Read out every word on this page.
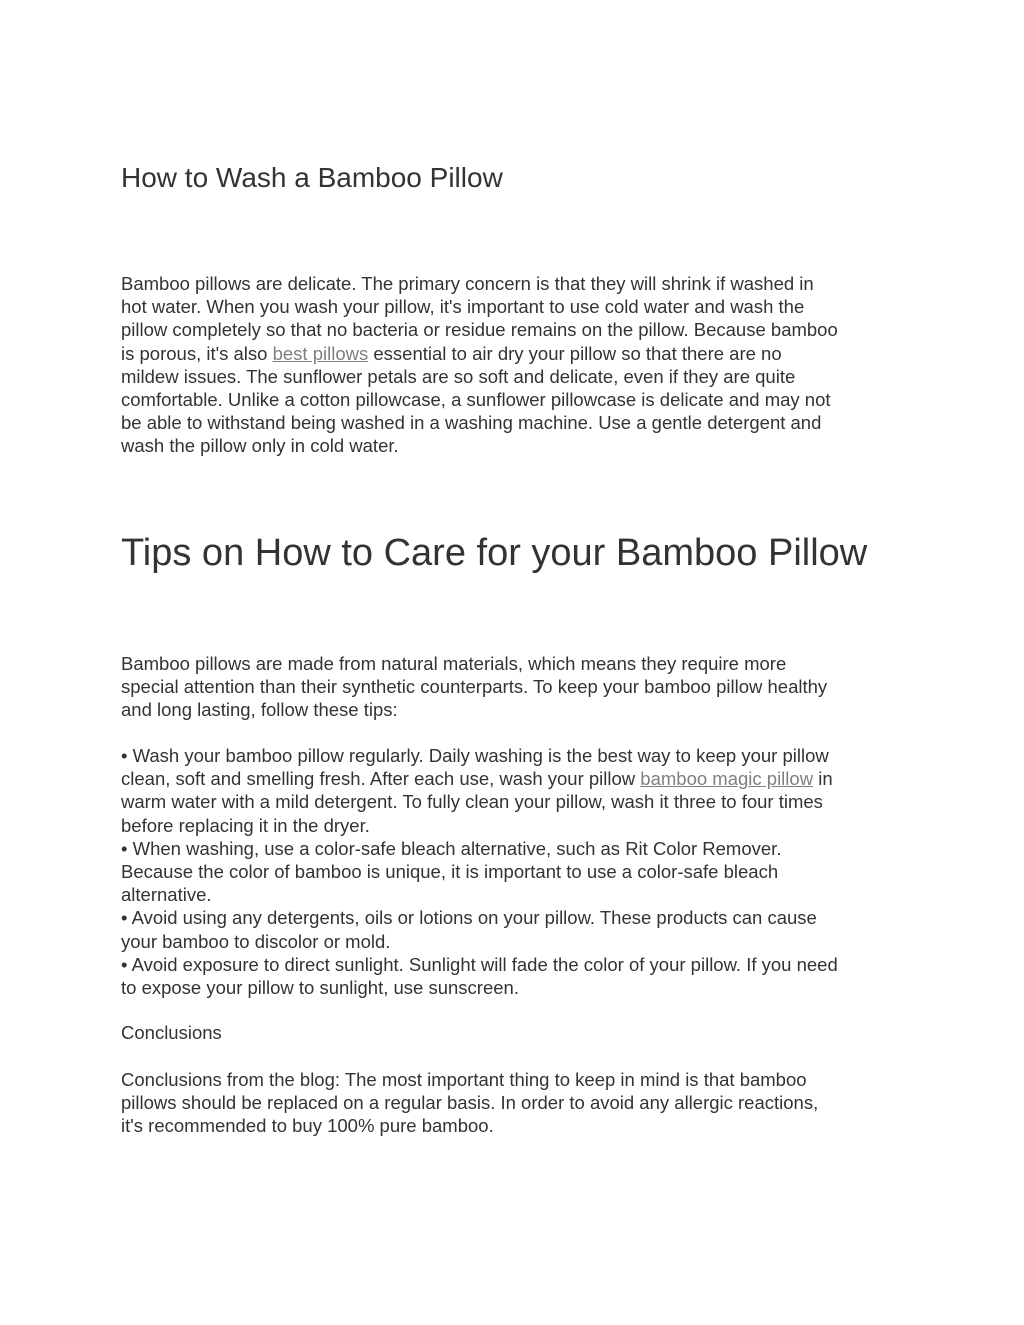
How to Wash a Bamboo Pillow

Bamboo pillows are delicate. The primary concern is that they will shrink if washed in
hot water. When you wash your pillow, it's important to use cold water and wash the
pillow completely so that no bacteria or residue remains on the pillow. Because bamboo
is porous, it's also best pillows essential to air dry your pillow so that there are no
mildew issues. The sunflower petals are so soft and delicate, even if they are quite
comfortable. Unlike a cotton pillowcase, a sunflower pillowcase is delicate and may not
be able to withstand being washed in a washing machine. Use a gentle detergent and
wash the pillow only in cold water.

Tips on How to Care for your Bamboo Pillow

Bamboo pillows are made from natural materials, which means they require more
special attention than their synthetic counterparts. To keep your bamboo pillow healthy
and long lasting, follow these tips:

• Wash your bamboo pillow regularly. Daily washing is the best way to keep your pillow
clean, soft and smelling fresh. After each use, wash your pillow bamboo magic pillow in
warm water with a mild detergent. To fully clean your pillow, wash it three to four times
before replacing it in the dryer.
• When washing, use a color-safe bleach alternative, such as Rit Color Remover.
Because the color of bamboo is unique, it is important to use a color-safe bleach
alternative.
• Avoid using any detergents, oils or lotions on your pillow. These products can cause
your bamboo to discolor or mold.
• Avoid exposure to direct sunlight. Sunlight will fade the color of your pillow. If you need
to expose your pillow to sunlight, use sunscreen.

Conclusions

Conclusions from the blog: The most important thing to keep in mind is that bamboo
pillows should be replaced on a regular basis. In order to avoid any allergic reactions,
it's recommended to buy 100% pure bamboo.
